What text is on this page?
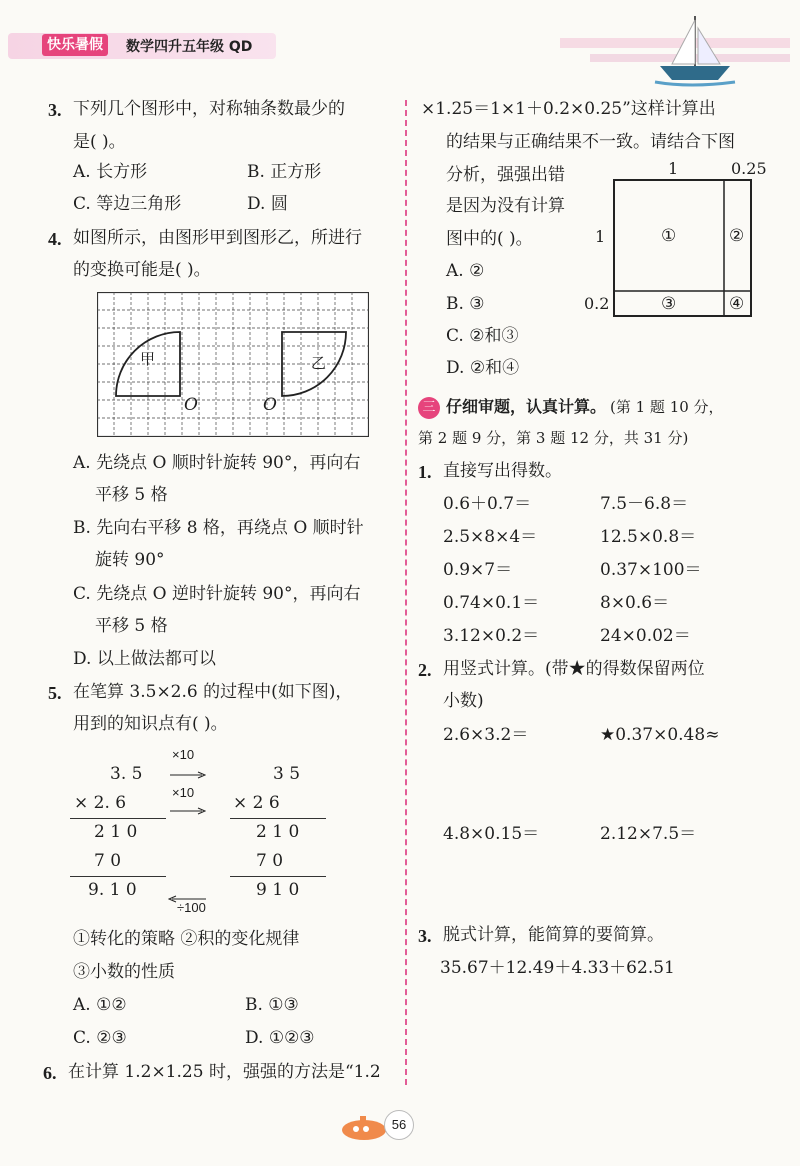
快乐暑假	数学四升五年级 QD
3. 下列几个图形中，对称轴条数最少的
是( )。
A. 长方形	B. 正方形
C. 等边三角形	D. 圆
4. 如图所示，由图形甲到图形乙，所进行
的变换可能是( )。
甲	乙
O	O
A. 先绕点 O 顺时针旋转 90°，再向右
平移 5 格
B. 先向右平移 8 格，再绕点 O 顺时针
旋转 90°
C. 先绕点 O 逆时针旋转 90°，再向右
平移 5 格
D. 以上做法都可以
5. 在笔算 3.5×2.6 的过程中(如下图)，
用到的知识点有( )。
×10
×10
3. 5
× 2. 6
2 1 0
7 0
9. 1 0
3 5
× 2 6
2 1 0
7 0
9 1 0
÷100
①转化的策略 ②积的变化规律
③小数的性质
A. ①②	B. ①③
C. ②③	D. ①②③
6. 在计算 1.2×1.25 时，强强的方法是“1.2
×1.25＝1×1＋0.2×0.25”这样计算出
的结果与正确结果不一致。请结合下图
分析，强强出错
是因为没有计算
图中的( )。
A. ②
B. ③
C. ②和③
D. ②和④
1	0.25
1
0.2
①	②
③	④
三 仔细审题，认真计算。 (第 1 题 10 分，
第 2 题 9 分，第 3 题 12 分，共 31 分)
1. 直接写出得数。
0.6＋0.7＝	7.5－6.8＝
2.5×8×4＝	12.5×0.8＝
0.9×7＝	0.37×100＝
0.74×0.1＝	8×0.6＝
3.12×0.2＝	24×0.02＝
2. 用竖式计算。(带★的得数保留两位
小数)
2.6×3.2＝	★0.37×0.48≈
4.8×0.15＝	2.12×7.5＝
3. 脱式计算，能简算的要简算。
35.67＋12.49＋4.33＋62.51
56
